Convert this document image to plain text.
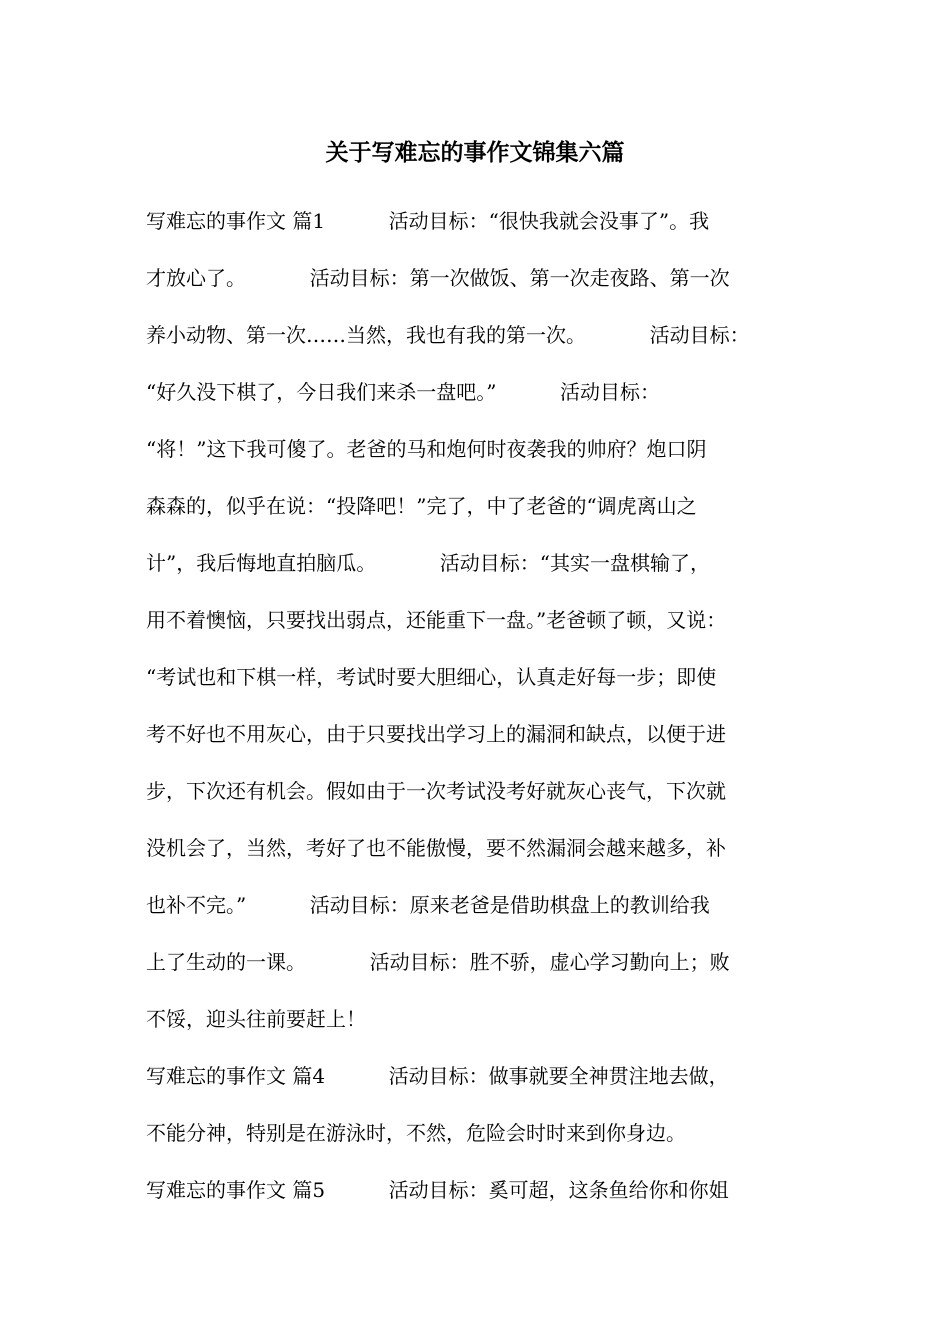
关于写难忘的事作文锦集六篇
写难忘的事作文 篇1          活动目标：“很快我就会没事了”。我
才放心了。          活动目标：第一次做饭、第一次走夜路、第一次
养小动物、第一次……当然，我也有我的第一次。          活动目标：
“好久没下棋了，今日我们来杀一盘吧。”          活动目标：
“将！”这下我可傻了。老爸的马和炮何时夜袭我的帅府？炮口阴
森森的，似乎在说：“投降吧！”完了，中了老爸的“调虎离山之
计”，我后悔地直拍脑瓜。          活动目标：“其实一盘棋输了，
用不着懊恼，只要找出弱点，还能重下一盘。”老爸顿了顿，又说：
“考试也和下棋一样，考试时要大胆细心，认真走好每一步；即使
考不好也不用灰心，由于只要找出学习上的漏洞和缺点，以便于进
步，下次还有机会。假如由于一次考试没考好就灰心丧气，下次就
没机会了，当然，考好了也不能傲慢，要不然漏洞会越来越多，补
也补不完。”          活动目标：原来老爸是借助棋盘上的教训给我
上了生动的一课。          活动目标：胜不骄，虚心学习勤向上；败
不馁，迎头往前要赶上！
写难忘的事作文 篇4          活动目标：做事就要全神贯注地去做，
不能分神，特别是在游泳时，不然，危险会时时来到你身边。
写难忘的事作文 篇5          活动目标：奚可超，这条鱼给你和你姐
